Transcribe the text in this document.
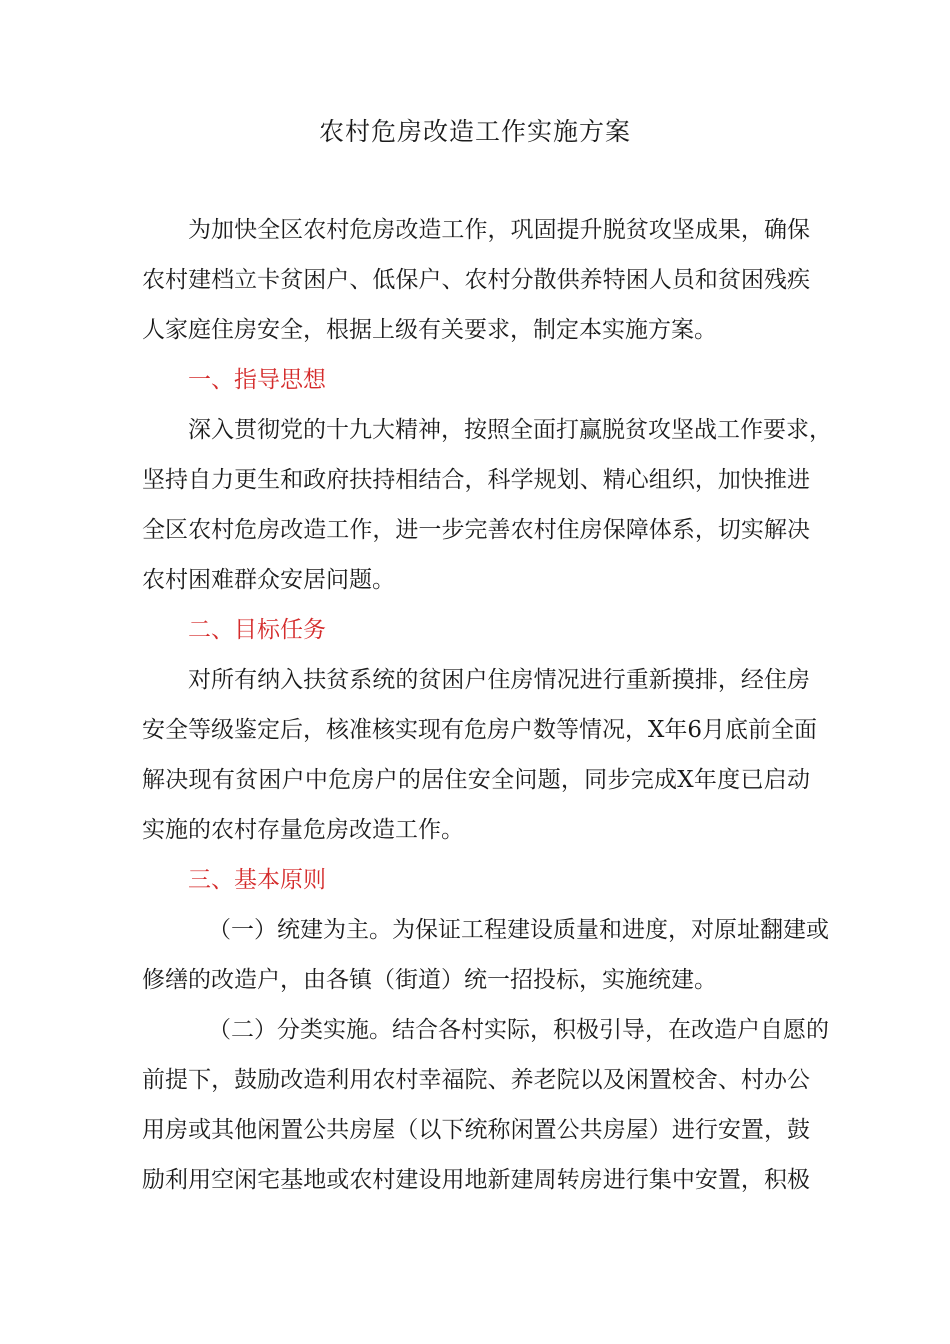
农村危房改造工作实施方案
为加快全区农村危房改造工作，巩固提升脱贫攻坚成果，确保
农村建档立卡贫困户、低保户、农村分散供养特困人员和贫困残疾
人家庭住房安全，根据上级有关要求，制定本实施方案。
一、指导思想
深入贯彻党的十九大精神，按照全面打赢脱贫攻坚战工作要求，
坚持自力更生和政府扶持相结合，科学规划、精心组织，加快推进
全区农村危房改造工作，进一步完善农村住房保障体系，切实解决
农村困难群众安居问题。
二、目标任务
对所有纳入扶贫系统的贫困户住房情况进行重新摸排，经住房
安全等级鉴定后，核准核实现有危房户数等情况，X年6月底前全面
解决现有贫困户中危房户的居住安全问题，同步完成X年度已启动
实施的农村存量危房改造工作。
三、基本原则
（一）统建为主。为保证工程建设质量和进度，对原址翻建或
修缮的改造户，由各镇（街道）统一招投标，实施统建。
（二）分类实施。结合各村实际，积极引导，在改造户自愿的
前提下，鼓励改造利用农村幸福院、养老院以及闲置校舍、村办公
用房或其他闲置公共房屋（以下统称闲置公共房屋）进行安置，鼓
励利用空闲宅基地或农村建设用地新建周转房进行集中安置，积极
